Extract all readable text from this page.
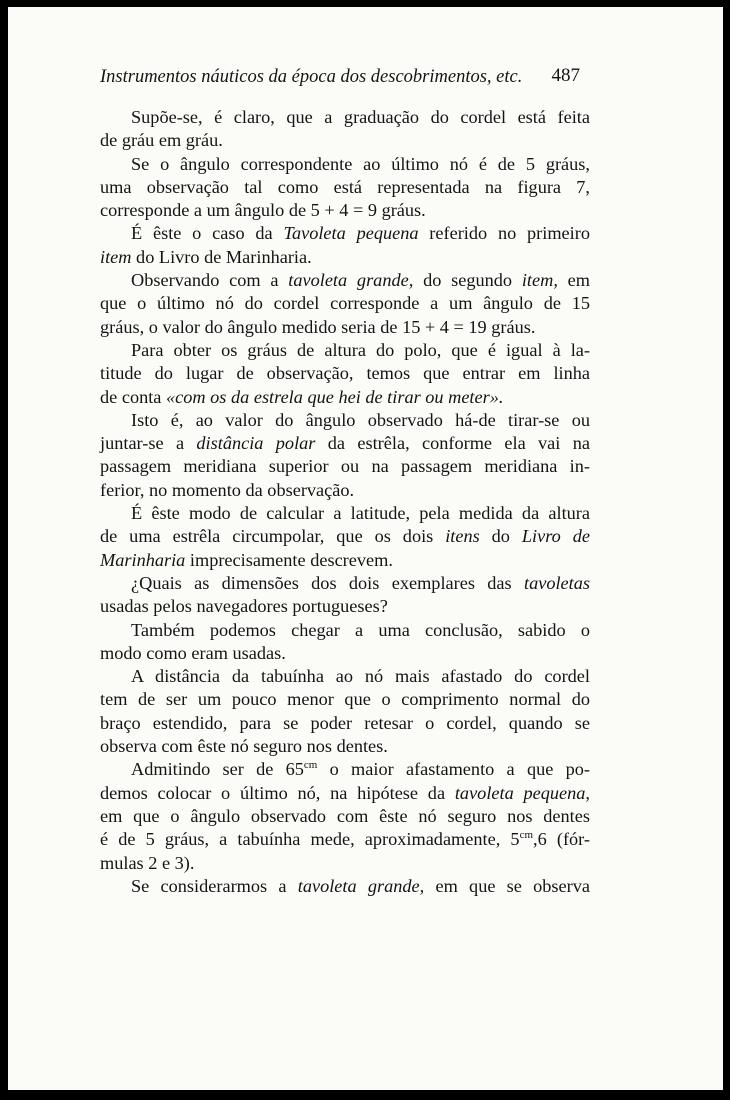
Instrumentos náuticos da época dos descobrimentos, etc. 487
Supõe-se, é claro, que a graduação do cordel está feita
de gráu em gráu.
Se o ângulo correspondente ao último nó é de 5 gráus,
uma observação tal como está representada na figura 7,
corresponde a um ângulo de 5 + 4 = 9 gráus.
É êste o caso da Tavoleta pequena referido no primeiro
item do Livro de Marinharia.
Observando com a tavoleta grande, do segundo item, em
que o último nó do cordel corresponde a um ângulo de 15
gráus, o valor do ângulo medido seria de 15 + 4 = 19 gráus.
Para obter os gráus de altura do polo, que é igual à la-
titude do lugar de observação, temos que entrar em linha
de conta «com os da estrela que hei de tirar ou meter».
Isto é, ao valor do ângulo observado há-de tirar-se ou
juntar-se a distância polar da estrêla, conforme ela vai na
passagem meridiana superior ou na passagem meridiana in-
ferior, no momento da observação.
É êste modo de calcular a latitude, pela medida da altura
de uma estrêla circumpolar, que os dois itens do Livro de
Marinharia imprecisamente descrevem.
¿Quais as dimensões dos dois exemplares das tavoletas
usadas pelos navegadores portugueses?
Também podemos chegar a uma conclusão, sabido o
modo como eram usadas.
A distância da tabuínha ao nó mais afastado do cordel
tem de ser um pouco menor que o comprimento normal do
braço estendido, para se poder retesar o cordel, quando se
observa com êste nó seguro nos dentes.
Admitindo ser de $65^{cm}$ o maior afastamento a que po-
demos colocar o último nó, na hipótese da tavoleta pequena,
em que o ângulo observado com êste nó seguro nos dentes
é de 5 gráus, a tabuínha mede, aproximadamente, $5^{cm},6$ (fór-
mulas 2 e 3).
Se considerarmos a tavoleta grande, em que se observa
